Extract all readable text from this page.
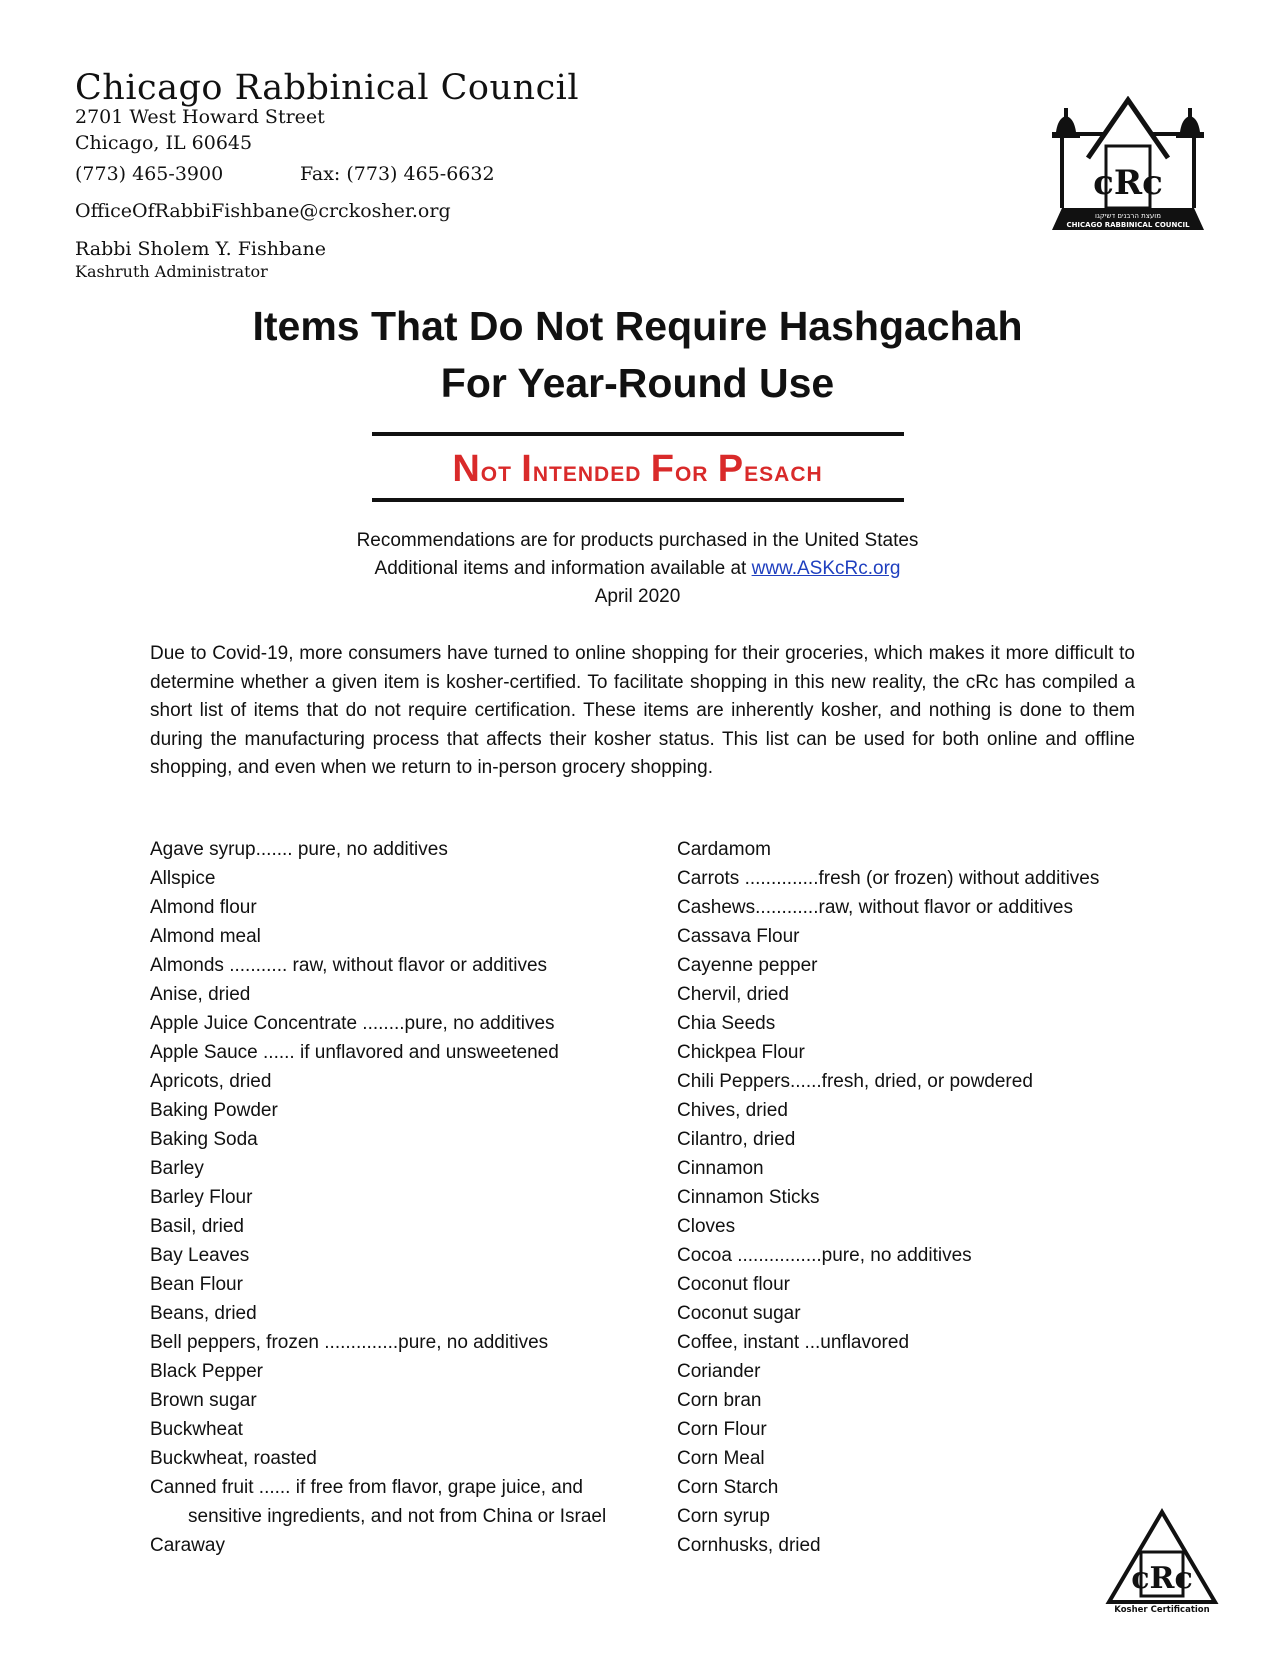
Chicago Rabbinical Council
2701 West Howard Street
Chicago, IL 60645
(773) 465-3900	Fax: (773) 465-6632
OfficeOfRabbiFishbane@crckosher.org
Rabbi Sholem Y. Fishbane
Kashruth Administrator
cRc
מועצת הרבנים דשיקגו
CHICAGO RABBINICAL COUNCIL
Items That Do Not Require Hashgachah
For Year-Round Use
Not Intended For Pesach
Recommendations are for products purchased in the United States
Additional items and information available at www.ASKcRc.org
April 2020
Due to Covid-19, more consumers have turned to online shopping for their groceries, which makes it more difficult to determine whether a given item is kosher-certified. To facilitate shopping in this new reality, the cRc has compiled a short list of items that do not require certification. These items are inherently kosher, and nothing is done to them during the manufacturing process that affects their kosher status. This list can be used for both online and offline shopping, and even when we return to in-person grocery shopping.
Agave syrup....... pure, no additives
Allspice
Almond flour
Almond meal
Almonds ........... raw, without flavor or additives
Anise, dried
Apple Juice Concentrate ........pure, no additives
Apple Sauce ...... if unflavored and unsweetened
Apricots, dried
Baking Powder
Baking Soda
Barley
Barley Flour
Basil, dried
Bay Leaves
Bean Flour
Beans, dried
Bell peppers, frozen ..............pure, no additives
Black Pepper
Brown sugar
Buckwheat
Buckwheat, roasted
Canned fruit ...... if free from flavor, grape juice, and sensitive ingredients, and not from China or Israel
Caraway
Cardamom
Carrots ..............fresh (or frozen) without additives
Cashews............raw, without flavor or additives
Cassava Flour
Cayenne pepper
Chervil, dried
Chia Seeds
Chickpea Flour
Chili Peppers......fresh, dried, or powdered
Chives, dried
Cilantro, dried
Cinnamon
Cinnamon Sticks
Cloves
Cocoa ................pure, no additives
Coconut flour
Coconut sugar
Coffee, instant ...unflavored
Coriander
Corn bran
Corn Flour
Corn Meal
Corn Starch
Corn syrup
Cornhusks, dried
cRc
Kosher Certification
